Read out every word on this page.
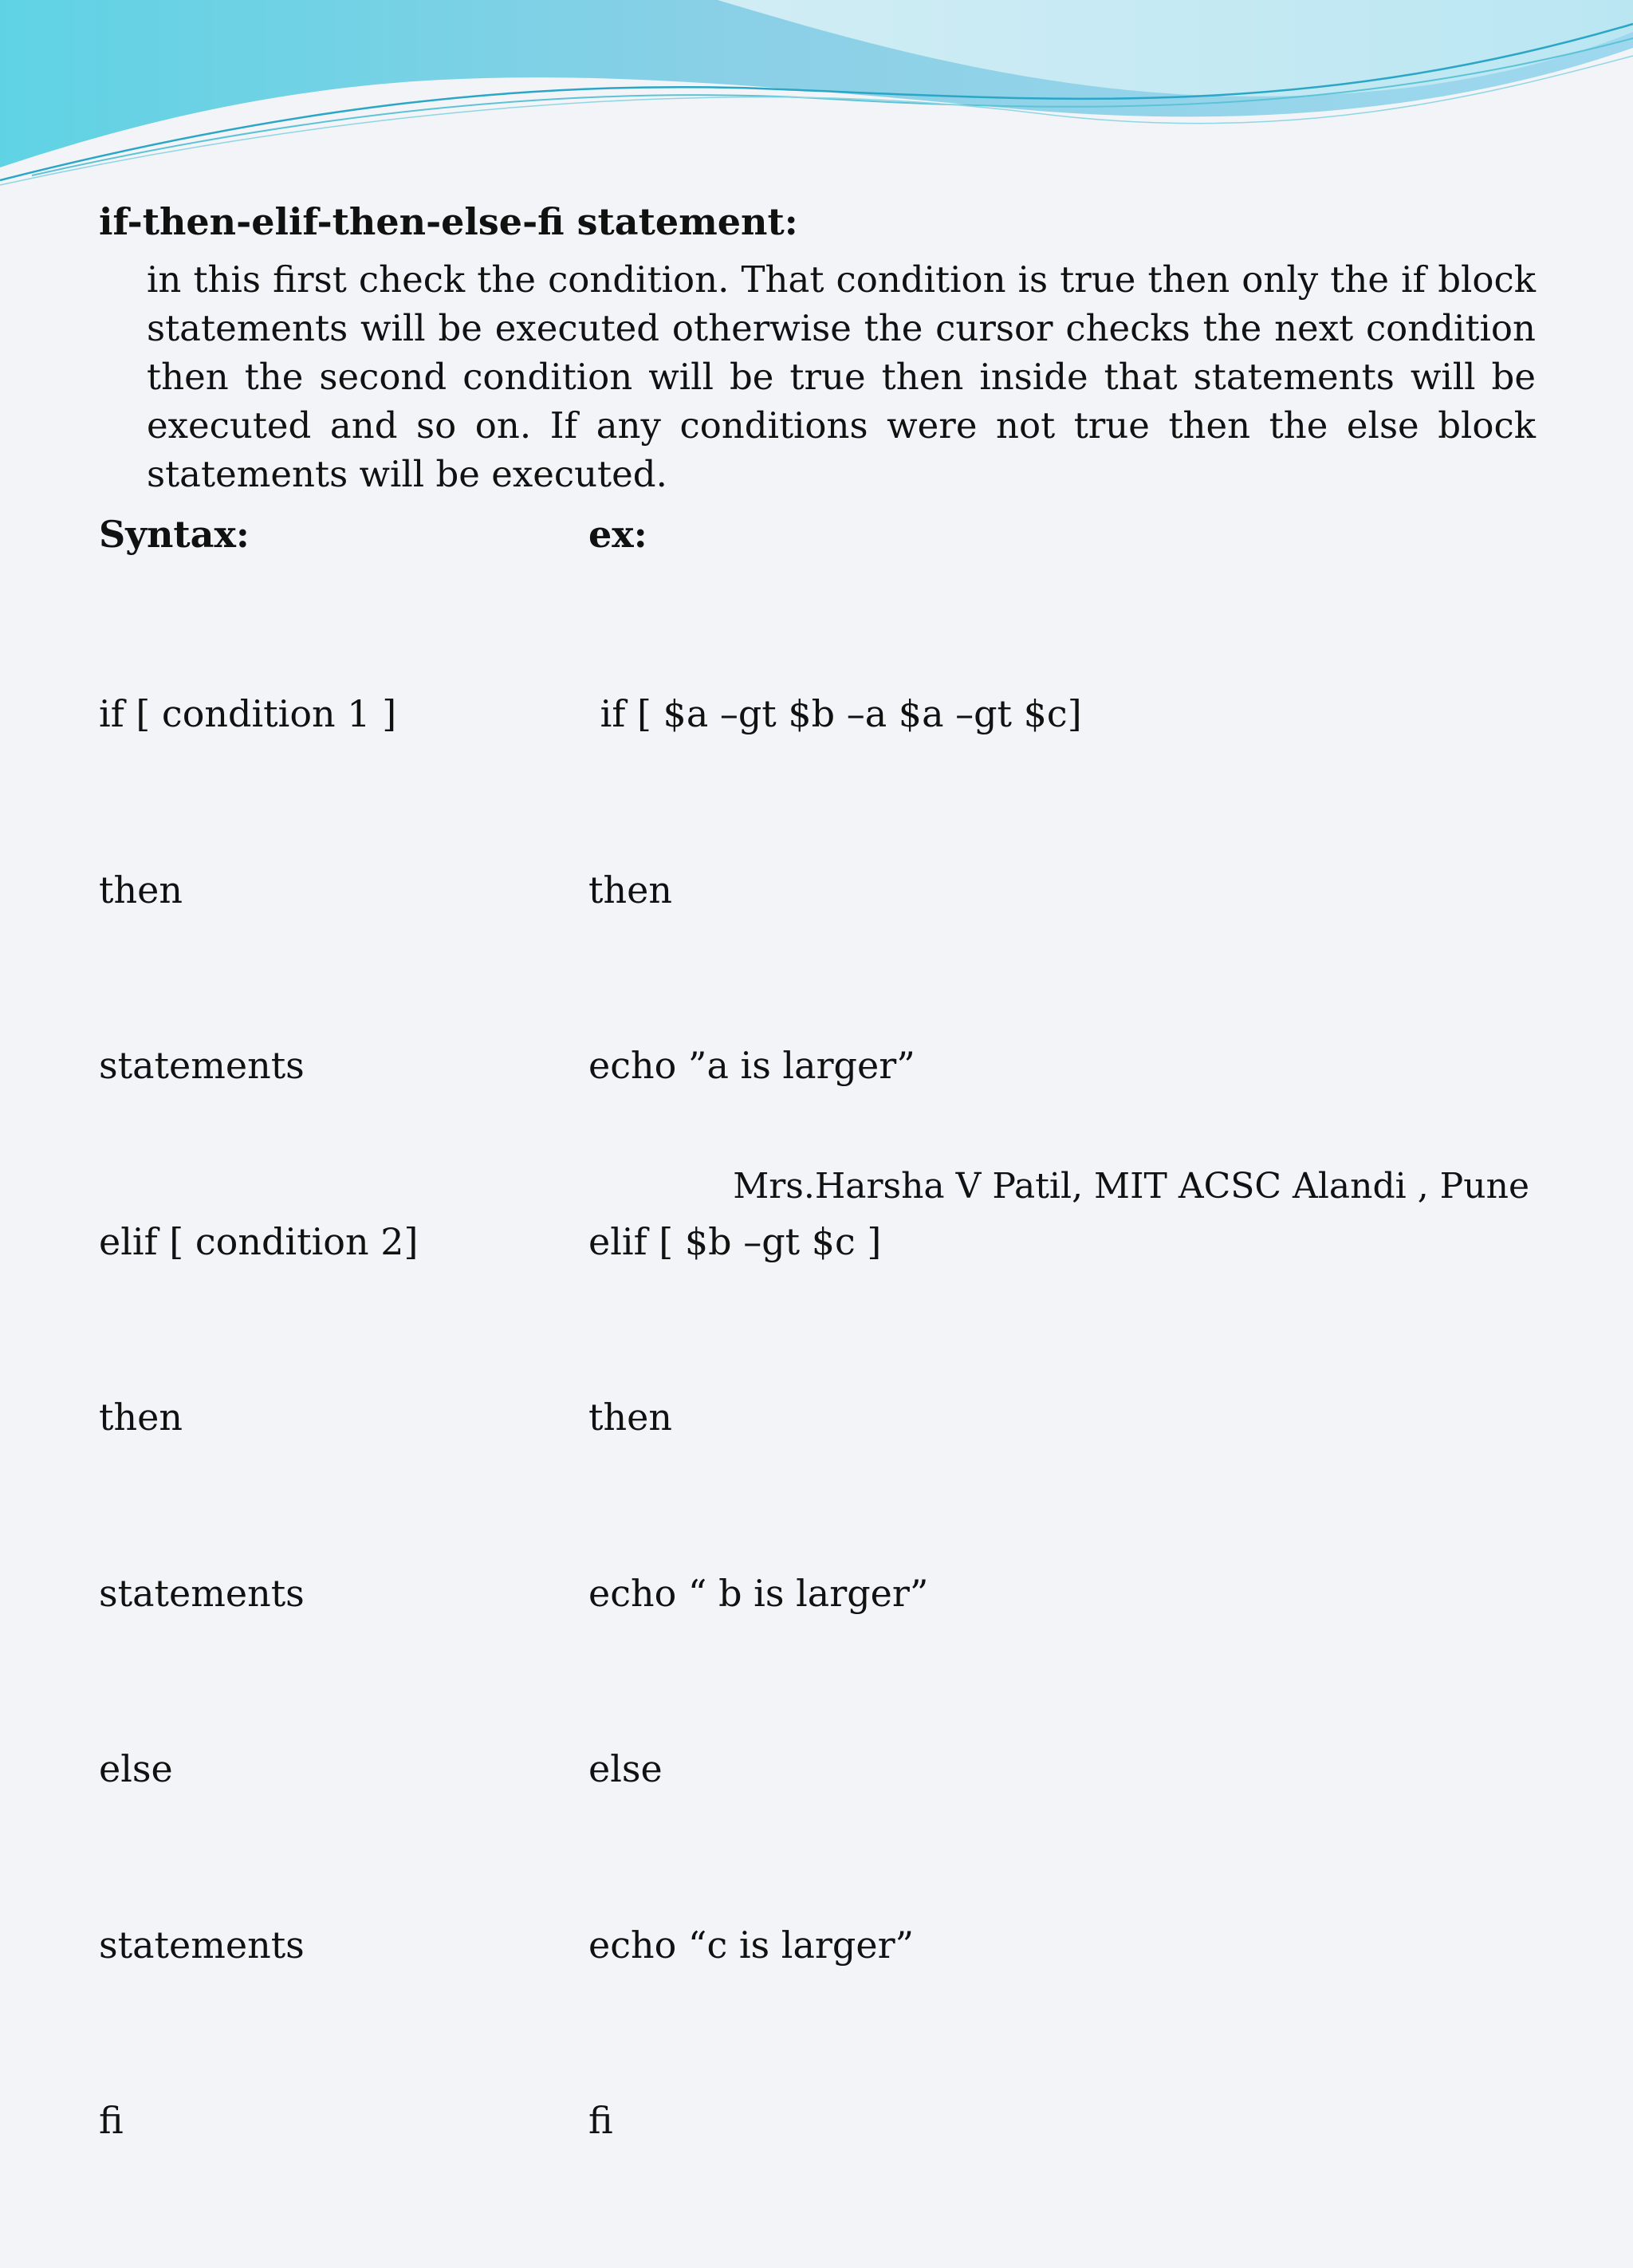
if-then-elif-then-else-fi statement:
in this first check the condition. That condition is true then only the if block statements will be executed otherwise the cursor checks the next condition then the second condition will be true then inside that statements will be executed and so on. If any conditions were not true then the else block statements will be executed.
Syntax:	ex:

if [ condition 1 ]

then

statements

elif [ condition 2]

then

statements

else

statements

fi

if [ $a –gt $b –a $a –gt $c]

then

echo ”a is larger”

elif [ $b –gt $c ]

then

echo “ b is larger”

else

echo “c is larger”

fi

Mrs.Harsha V Patil, MIT ACSC Alandi , Pune
